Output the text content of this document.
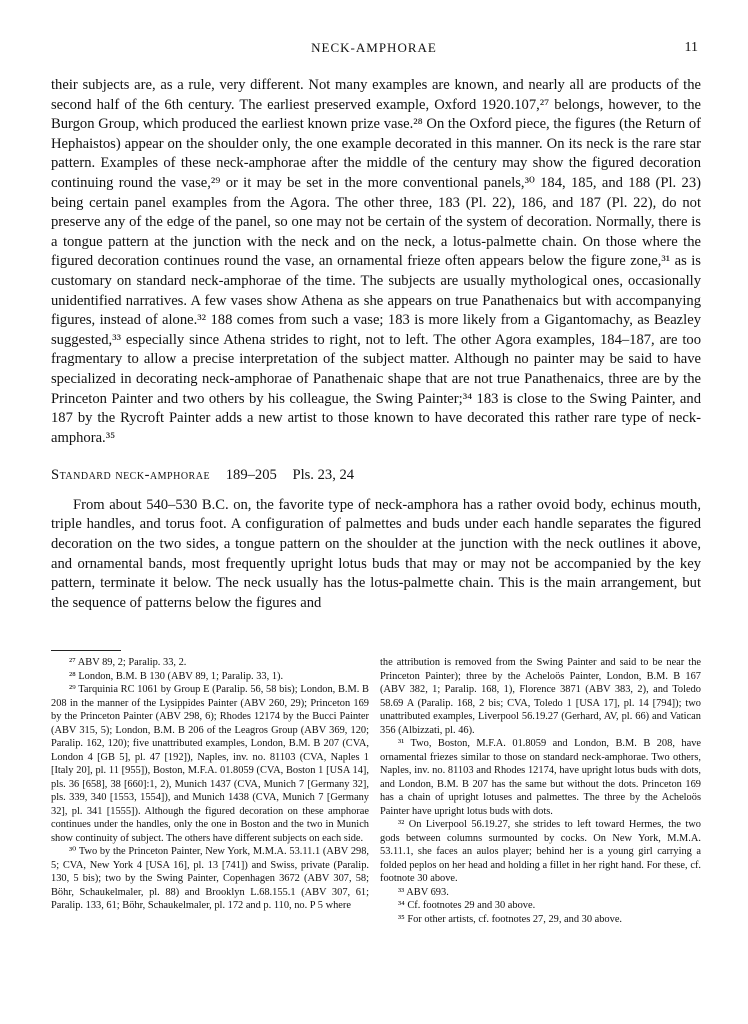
NECK-AMPHORAE	11

their subjects are, as a rule, very different. Not many examples are known, and nearly all are products of the second half of the 6th century. The earliest preserved example, Oxford 1920.107,²⁷ belongs, however, to the Burgon Group, which produced the earliest known prize vase.²⁸ On the Oxford piece, the figures (the Return of Hephaistos) appear on the shoulder only, the one example decorated in this manner. On its neck is the rare star pattern. Examples of these neck-amphorae after the middle of the century may show the figured decoration continuing round the vase,²⁹ or it may be set in the more conventional panels,³⁰ 184, 185, and 188 (Pl. 23) being certain panel examples from the Agora. The other three, 183 (Pl. 22), 186, and 187 (Pl. 22), do not preserve any of the edge of the panel, so one may not be certain of the system of decoration. Normally, there is a tongue pattern at the junction with the neck and on the neck, a lotus-palmette chain. On those where the figured decoration continues round the vase, an ornamental frieze often appears below the figure zone,³¹ as is customary on standard neck-amphorae of the time. The subjects are usually mythological ones, occasionally unidentified narratives. A few vases show Athena as she appears on true Panathenaics but with accompanying figures, instead of alone.³² 188 comes from such a vase; 183 is more likely from a Gigantomachy, as Beazley suggested,³³ especially since Athena strides to right, not to left. The other Agora examples, 184–187, are too fragmentary to allow a precise interpretation of the subject matter. Although no painter may be said to have specialized in decorating neck-amphorae of Panathenaic shape that are not true Panathenaics, three are by the Princeton Painter and two others by his colleague, the Swing Painter;³⁴ 183 is close to the Swing Painter, and 187 by the Rycroft Painter adds a new artist to those known to have decorated this rather rare type of neck-amphora.³⁵

Standard neck-amphorae 189–205 Pls. 23, 24

From about 540–530 B.C. on, the favorite type of neck-amphora has a rather ovoid body, echinus mouth, triple handles, and torus foot. A configuration of palmettes and buds under each handle separates the figured decoration on the two sides, a tongue pattern on the shoulder at the junction with the neck outlines it above, and ornamental bands, most frequently upright lotus buds that may or may not be accompanied by the key pattern, terminate it below. The neck usually has the lotus-palmette chain. This is the main arrangement, but the sequence of patterns below the figures and

²⁷ ABV 89, 2; Paralip. 33, 2.

²⁸ London, B.M. B 130 (ABV 89, 1; Paralip. 33, 1).

²⁹ Tarquinia RC 1061 by Group E (Paralip. 56, 58 bis); London, B.M. B 208 in the manner of the Lysippides Painter (ABV 260, 29); Princeton 169 by the Princeton Painter (ABV 298, 6); Rhodes 12174 by the Bucci Painter (ABV 315, 5); London, B.M. B 206 of the Leagros Group (ABV 369, 120; Paralip. 162, 120); five unattributed examples, London, B.M. B 207 (CVA, London 4 [GB 5], pl. 47 [192]), Naples, inv. no. 81103 (CVA, Naples 1 [Italy 20], pl. 11 [955]), Boston, M.F.A. 01.8059 (CVA, Boston 1 [USA 14], pls. 36 [658], 38 [660]:1, 2), Munich 1437 (CVA, Munich 7 [Germany 32], pls. 339, 340 [1553, 1554]), and Munich 1438 (CVA, Munich 7 [Germany 32], pl. 341 [1555]). Although the figured decoration on these amphorae continues under the handles, only the one in Boston and the two in Munich show continuity of subject. The others have different subjects on each side.

³⁰ Two by the Princeton Painter, New York, M.M.A. 53.11.1 (ABV 298, 5; CVA, New York 4 [USA 16], pl. 13 [741]) and Swiss, private (Paralip. 130, 5 bis); two by the Swing Painter, Copenhagen 3672 (ABV 307, 58; Böhr, Schaukelmaler, pl. 88) and Brooklyn L.68.155.1 (ABV 307, 61; Paralip. 133, 61; Böhr, Schaukelmaler, pl. 172 and p. 110, no. P 5 where

the attribution is removed from the Swing Painter and said to be near the Princeton Painter); three by the Acheloös Painter, London, B.M. B 167 (ABV 382, 1; Paralip. 168, 1), Florence 3871 (ABV 383, 2), and Toledo 58.69 A (Paralip. 168, 2 bis; CVA, Toledo 1 [USA 17], pl. 14 [794]); two unattributed examples, Liverpool 56.19.27 (Gerhard, AV, pl. 66) and Vatican 356 (Albizzati, pl. 46).

³¹ Two, Boston, M.F.A. 01.8059 and London, B.M. B 208, have ornamental friezes similar to those on standard neck-amphorae. Two others, Naples, inv. no. 81103 and Rhodes 12174, have upright lotus buds with dots, and London, B.M. B 207 has the same but without the dots. Princeton 169 has a chain of upright lotuses and palmettes. The three by the Acheloös Painter have upright lotus buds with dots.

³² On Liverpool 56.19.27, she strides to left toward Hermes, the two gods between columns surmounted by cocks. On New York, M.M.A. 53.11.1, she faces an aulos player; behind her is a young girl carrying a folded peplos on her head and holding a fillet in her right hand. For these, cf. footnote 30 above.

³³ ABV 693.

³⁴ Cf. footnotes 29 and 30 above.

³⁵ For other artists, cf. footnotes 27, 29, and 30 above.
